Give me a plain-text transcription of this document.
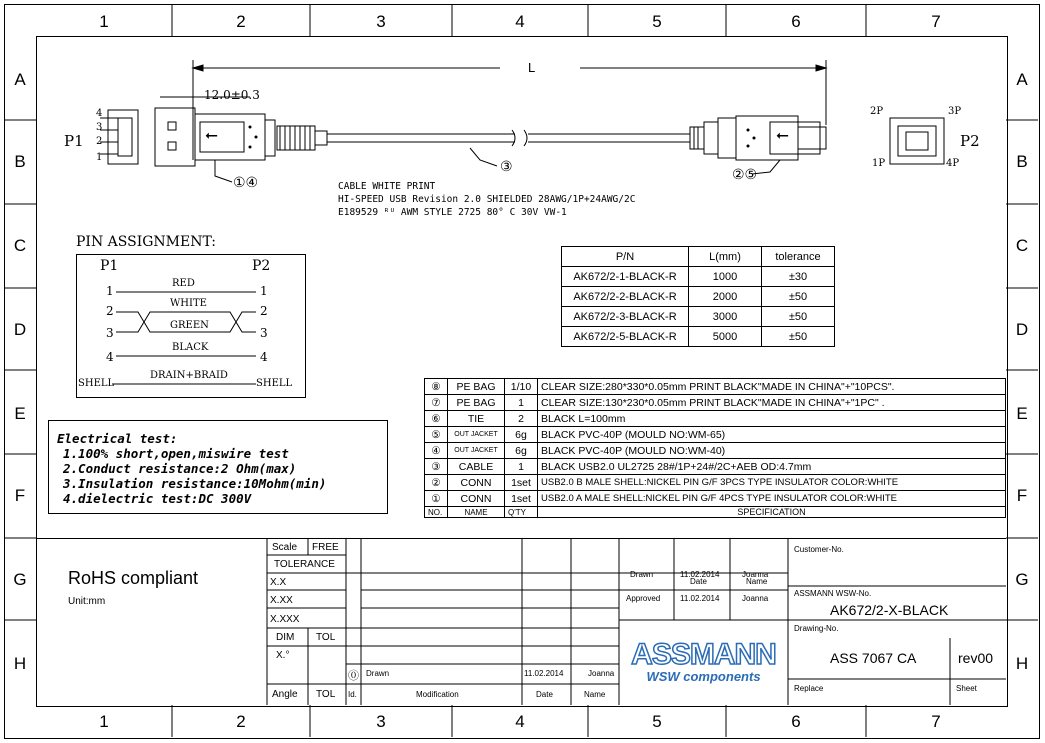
1	2	3	4	5	6	7
1	2	3	4	5	6	7
A
B
C
D
E
F
G
H
A
B
C
D
E
F
G
H
⭠	⭠
L
12.0±0.3
P1	P2
4
3
2
1
2P	3P
1P	4P
③
①④	②⑤
CABLE WHITE PRINT
HI-SPEED USB Revision 2.0 SHIELDED 28AWG/1P+24AWG/2C
E189529 ᴿᵁ AWM STYLE 2725 80° C 30V VW-1
PIN ASSIGNMENT:
P1	P2
1
RED
1
2
WHITE
2
3
GREEN
3
4
BLACK
4
SHELL
DRAIN+BRAID
SHELL
Electrical test:
1.100% short,open,miswire test
2.Conduct resistance:2 Ohm(max)
3.Insulation resistance:10Mohm(min)
4.dielectric test:DC 300V
P/N	L(mm)	tolerance
AK672/2-1-BLACK-R	1000	±30
AK672/2-2-BLACK-R	2000	±50
AK672/2-3-BLACK-R	3000	±50
AK672/2-5-BLACK-R	5000	±50
⑧	PE BAG	1/10	CLEAR SIZE:280*330*0.05mm PRINT BLACK"MADE IN CHINA"+"10PCS".
⑦	PE BAG	1	CLEAR SIZE:130*230*0.05mm PRINT BLACK"MADE IN CHINA"+"1PC" .
⑥	TIE	2	BLACK L=100mm
⑤	OUT JACKET	6g	BLACK PVC-40P (MOULD NO:WM-65)
④	OUT JACKET	6g	BLACK PVC-40P (MOULD NO:WM-40)
③	CABLE	1	BLACK USB2.0 UL2725 28#/1P+24#/2C+AEB OD:4.7mm
②	CONN	1set	USB2.0 B MALE SHELL:NICKEL PIN G/F 3PCS TYPE INSULATOR COLOR:WHITE
①	CONN	1set	USB2.0 A MALE SHELL:NICKEL PIN G/F 4PCS TYPE INSULATOR COLOR:WHITE
NO.	NAME	Q'TY	SPECIFICATION
RoHS compliant
Unit:mm
Scale FREE
TOLERANCE
X.X
X.XX
X.XXX
DIM TOL
X.°
Angle TOL
⓪ Drawn	11.02.2014	Joanna
Id.	Modification	Date	Name
Date	Name
Drawn	11.02.2014	Joanna
Approved 11.02.2014	Joanna
Customer-No.
ASSMANN WSW-No.
AK672/2-X-BLACK
Drawing-No.
ASS 7067 CA	rev00
Replace	Sheet
ASSMANN
WSW components
